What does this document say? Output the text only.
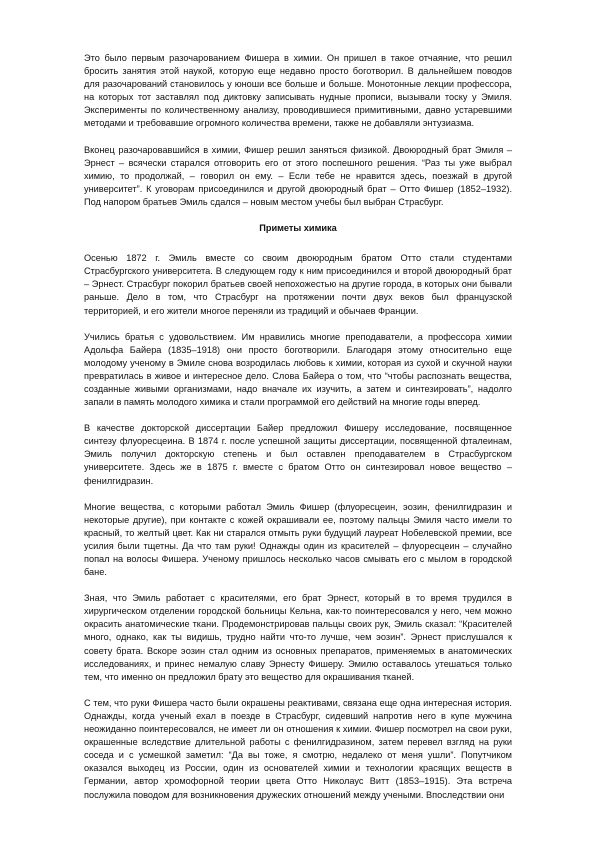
Это было первым разочарованием Фишера в химии. Он пришел в такое отчаяние, что решил бросить занятия этой наукой, которую еще недавно просто боготворил. В дальнейшем поводов для разочарований становилось у юноши все больше и больше. Монотонные лекции профессора, на которых тот заставлял под диктовку записывать нудные прописи, вызывали тоску у Эмиля. Эксперименты по количественному анализу, проводившиеся примитивными, давно устаревшими методами и требовавшие огромного количества времени, также не добавляли энтузиазма.

Вконец разочаровавшийся в химии, Фишер решил заняться физикой. Двоюродный брат Эмиля – Эрнест – всячески старался отговорить его от этого поспешного решения. “Раз ты уже выбрал химию, то продолжай, – говорил он ему. – Если тебе не нравится здесь, поезжай в другой университет”. К уговорам присоединился и другой двоюродный брат – Отто Фишер (1852–1932). Под напором братьев Эмиль сдался – новым местом учебы был выбран Страсбург.

Приметы химика

Осенью 1872 г. Эмиль вместе со своим двоюродным братом Отто стали студентами Страсбургского университета. В следующем году к ним присоединился и второй двоюродный брат – Эрнест. Страсбург покорил братьев своей непохожестью на другие города, в которых они бывали раньше. Дело в том, что Страсбург на протяжении почти двух веков был французской территорией, и его жители многое переняли из традиций и обычаев Франции.

Учились братья с удовольствием. Им нравились многие преподаватели, а профессора химии Адольфа Байера (1835–1918) они просто боготворили. Благодаря этому относительно еще молодому ученому в Эмиле снова возродилась любовь к химии, которая из сухой и скучной науки превратилась в живое и интересное дело. Слова Байера о том, что “чтобы распознать вещества, созданные живыми организмами, надо вначале их изучить, а затем и синтезировать”, надолго запали в память молодого химика и стали программой его действий на многие годы вперед.

В качестве докторской диссертации Байер предложил Фишеру исследование, посвященное синтезу флуоресцеина. В 1874 г. после успешной защиты диссертации, посвященной фталеинам, Эмиль получил докторскую степень и был оставлен преподавателем в Страсбургском университете. Здесь же в 1875 г. вместе с братом Отто он синтезировал новое вещество – фенилгидразин.

Многие вещества, с которыми работал Эмиль Фишер (флуоресцеин, эозин, фенилгидразин и некоторые другие), при контакте с кожей окрашивали ее, поэтому пальцы Эмиля часто имели то красный, то желтый цвет. Как ни старался отмыть руки будущий лауреат Нобелевской премии, все усилия были тщетны. Да что там руки! Однажды один из красителей – флуоресцеин – случайно попал на волосы Фишера. Ученому пришлось несколько часов смывать его с мылом в городской бане.

Зная, что Эмиль работает с красителями, его брат Эрнест, который в то время трудился в хирургическом отделении городской больницы Кельна, как-то поинтересовался у него, чем можно окрасить анатомические ткани. Продемонстрировав пальцы своих рук, Эмиль сказал: “Красителей много, однако, как ты видишь, трудно найти что-то лучше, чем эозин”. Эрнест прислушался к совету брата. Вскоре эозин стал одним из основных препаратов, применяемых в анатомических исследованиях, и принес немалую славу Эрнесту Фишеру. Эмилю оставалось утешаться только тем, что именно он предложил брату это вещество для окрашивания тканей.

С тем, что руки Фишера часто были окрашены реактивами, связана еще одна интересная история. Однажды, когда ученый ехал в поезде в Страсбург, сидевший напротив него в купе мужчина неожиданно поинтересовался, не имеет ли он отношения к химии. Фишер посмотрел на свои руки, окрашенные вследствие длительной работы с фенилгидразином, затем перевел взгляд на руки соседа и с усмешкой заметил: “Да вы тоже, я смотрю, недалеко от меня ушли”. Попутчиком оказался выходец из России, один из основателей химии и технологии красящих веществ в Германии, автор хромофорной теории цвета Отто Николаус Витт (1853–1915). Эта встреча послужила поводом для возникновения дружеских отношений между учеными. Впоследствии они
